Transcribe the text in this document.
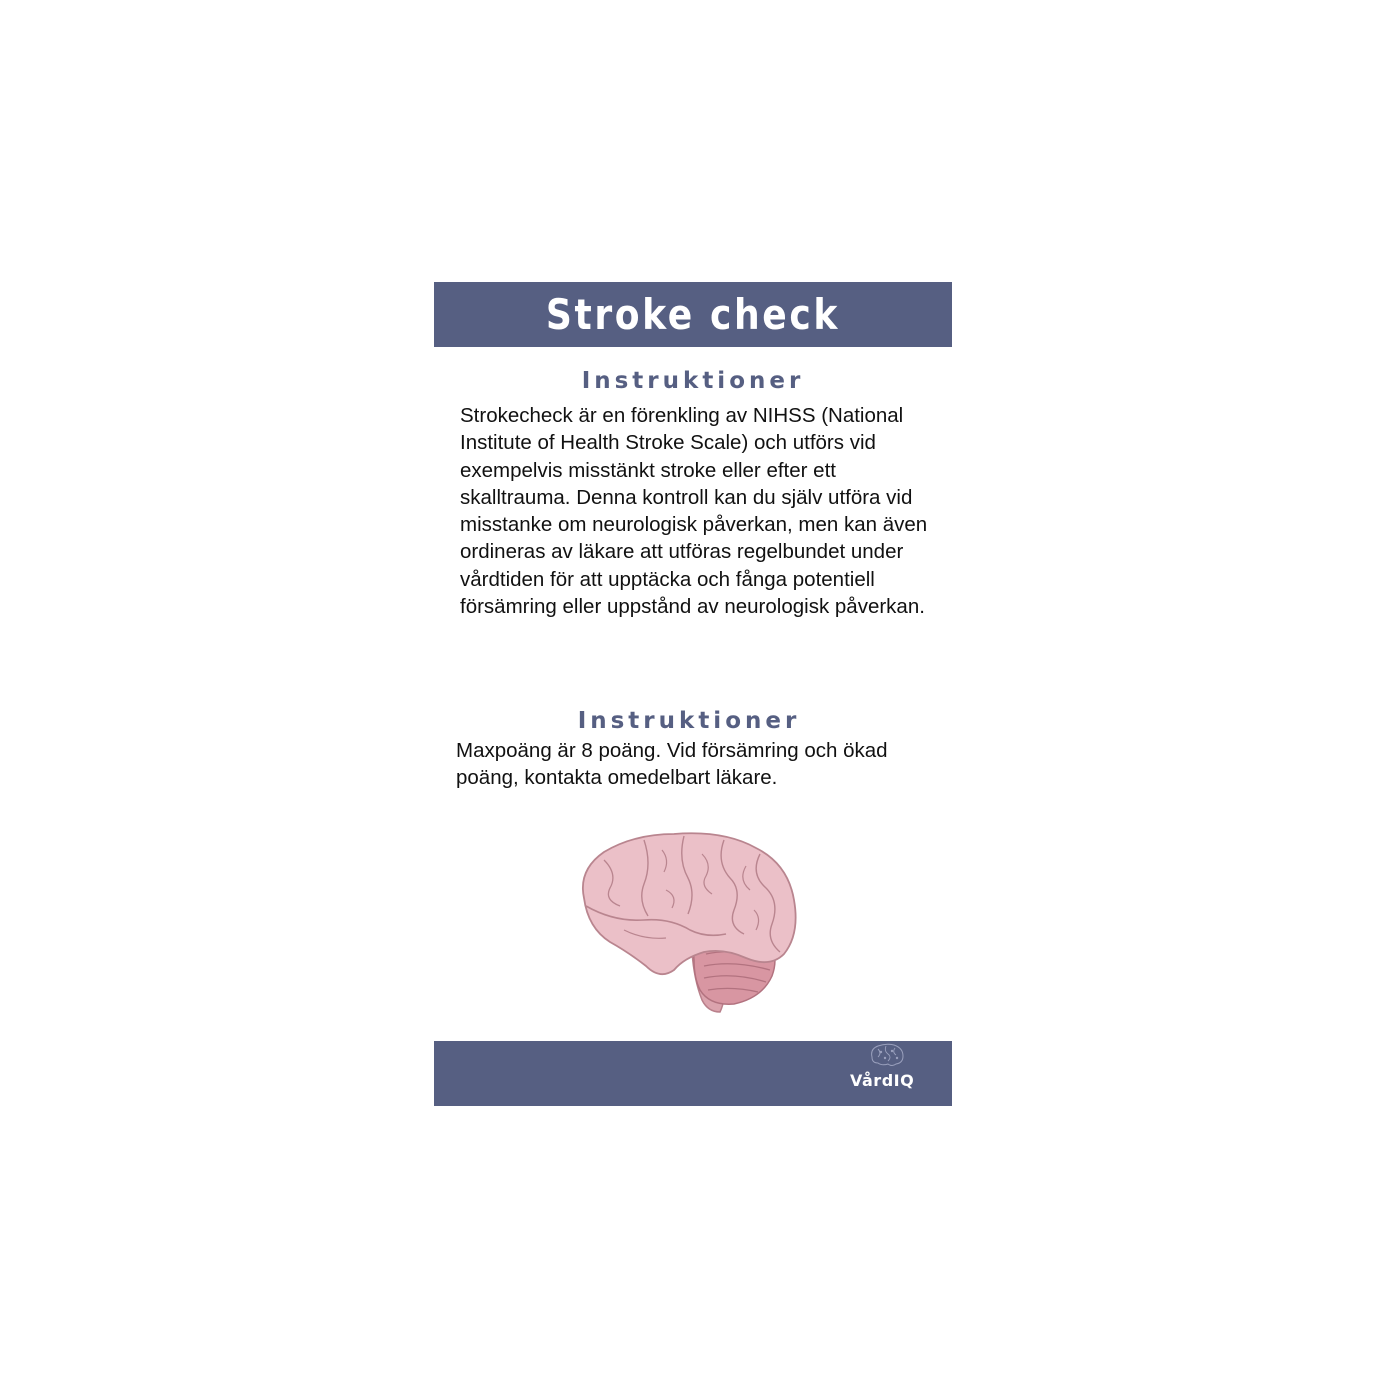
Stroke check
Instruktioner

Strokecheck är en förenkling av NIHSS (National Institute of Health Stroke Scale) och utförs vid exempelvis misstänkt stroke eller efter ett skalltrauma. Denna kontroll kan du själv utföra vid misstanke om neurologisk påverkan, men kan även ordineras av läkare att utföras regelbundet under vårdtiden för att upptäcka och fånga potentiell försämring eller uppstånd av neurologisk påverkan.

Instruktioner

Maxpoäng är 8 poäng. Vid försämring och ökad poäng, kontakta omedelbart läkare.

VårdIQ
